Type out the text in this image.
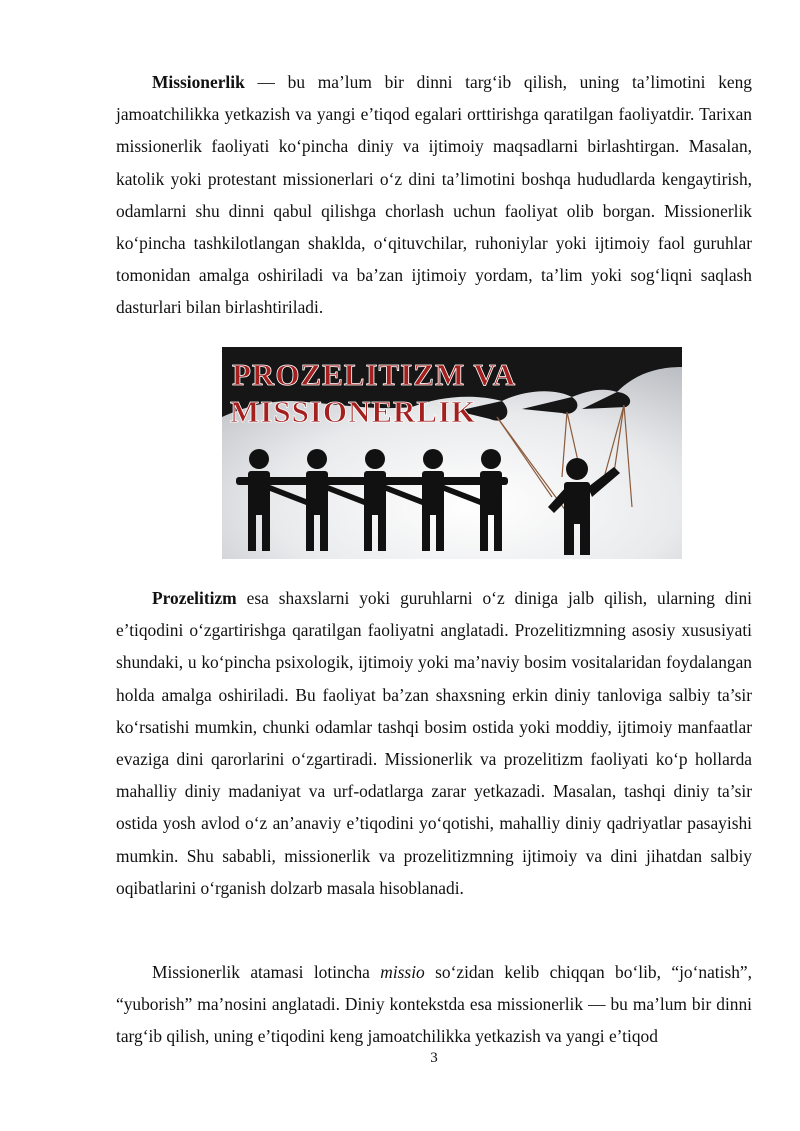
Missionerlik — bu ma’lum bir dinni targ‘ib qilish, uning ta’limotini keng jamoatchilikka yetkazish va yangi e’tiqod egalari orttirishga qaratilgan faoliyatdir. Tarixan missionerlik faoliyati ko‘pincha diniy va ijtimoiy maqsadlarni birlashtirgan. Masalan, katolik yoki protestant missionerlari o‘z dini ta’limotini boshqa hududlarda kengaytirish, odamlarni shu dinni qabul qilishga chorlash uchun faoliyat olib borgan. Missionerlik ko‘pincha tashkilotlangan shaklda, o‘qituvchilar, ruhoniylar yoki ijtimoiy faol guruhlar tomonidan amalga oshiriladi va ba’zan ijtimoiy yordam, ta’lim yoki sog‘liqni saqlash dasturlari bilan birlashtiriladi.

PROZELITIZM VA
MISSIONERLIK

Prozelitizm esa shaxslarni yoki guruhlarni o‘z diniga jalb qilish, ularning dini e’tiqodini o‘zgartirishga qaratilgan faoliyatni anglatadi. Prozelitizmning asosiy xususiyati shundaki, u ko‘pincha psixologik, ijtimoiy yoki ma’naviy bosim vositalaridan foydalangan holda amalga oshiriladi. Bu faoliyat ba’zan shaxsning erkin diniy tanloviga salbiy ta’sir ko‘rsatishi mumkin, chunki odamlar tashqi bosim ostida yoki moddiy, ijtimoiy manfaatlar evaziga dini qarorlarini o‘zgartiradi. Missionerlik va prozelitizm faoliyati ko‘p hollarda mahalliy diniy madaniyat va urf-odatlarga zarar yetkazadi. Masalan, tashqi diniy ta’sir ostida yosh avlod o‘z an’anaviy e’tiqodini yo‘qotishi, mahalliy diniy qadriyatlar pasayishi mumkin. Shu sababli, missionerlik va prozelitizmning ijtimoiy va dini jihatdan salbiy oqibatlarini o‘rganish dolzarb masala hisoblanadi.

Missionerlik atamasi lotincha missio so‘zidan kelib chiqqan bo‘lib, “jo‘natish”, “yuborish” ma’nosini anglatadi. Diniy kontekstda esa missionerlik — bu ma’lum bir dinni targ‘ib qilish, uning e’tiqodini keng jamoatchilikka yetkazish va yangi e’tiqod

3
